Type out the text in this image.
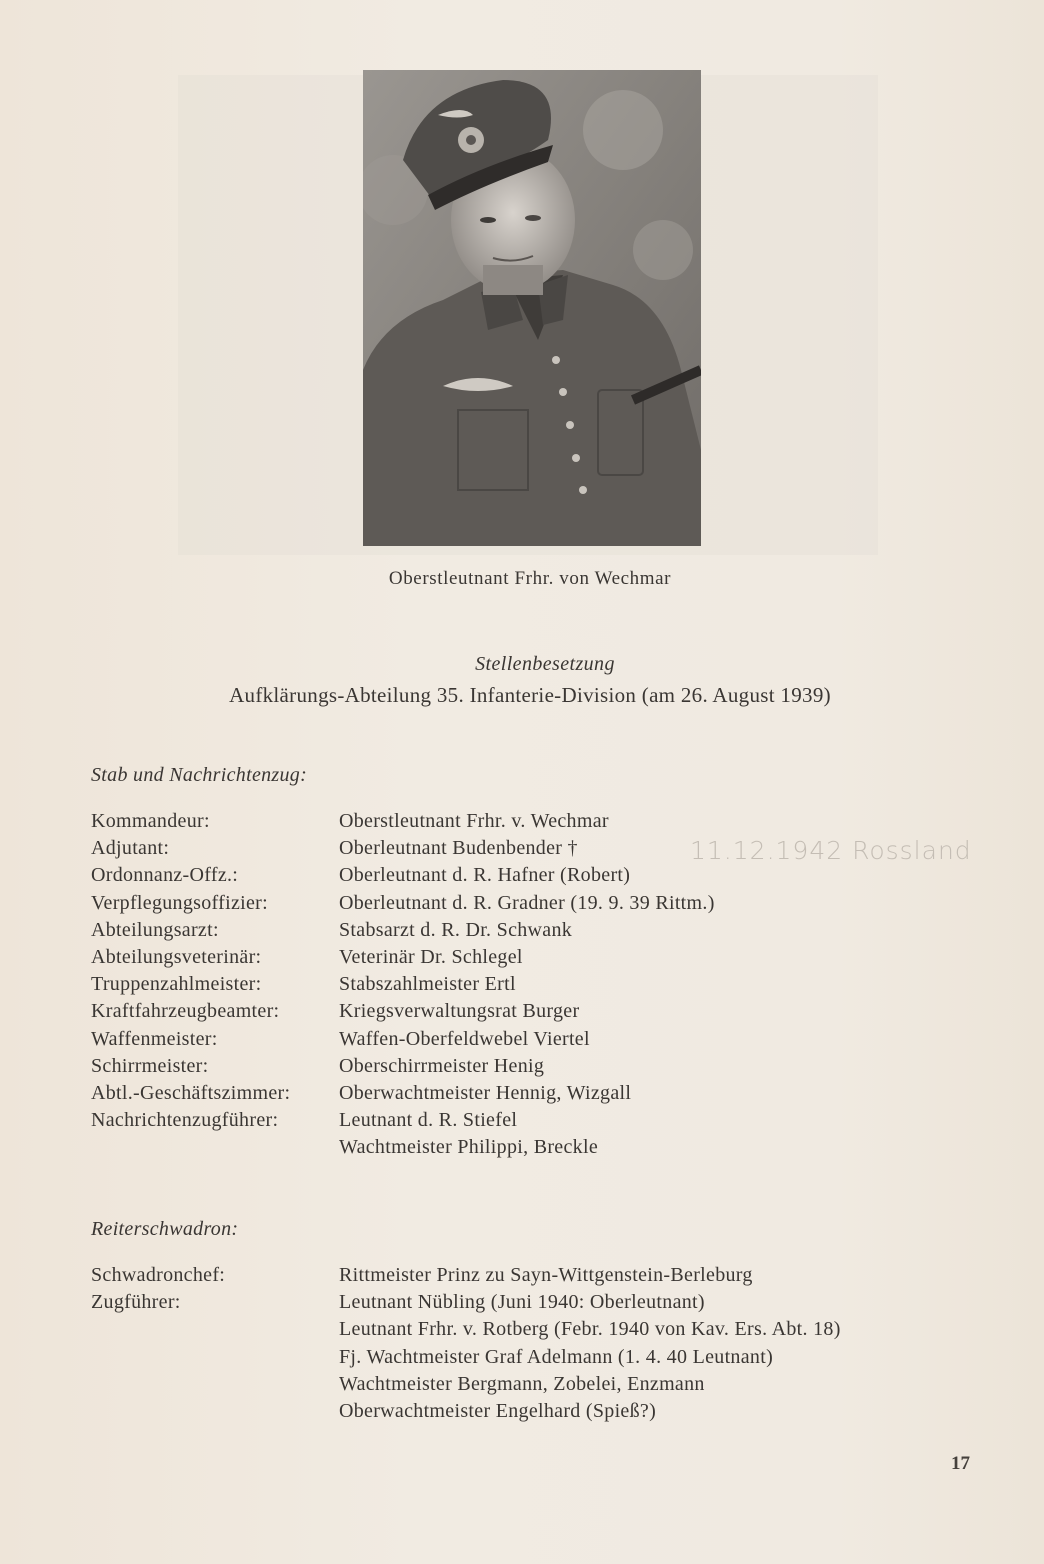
Oberstleutnant Frhr. von Wechmar
Stellenbesetzung
Aufklärungs-Abteilung 35. Infanterie-Division (am 26. August 1939)
Stab und Nachrichtenzug:
Kommandeur:	Oberstleutnant Frhr. v. Wechmar
Adjutant:	Oberleutnant Budenbender †
Ordonnanz-Offz.:	Oberleutnant d. R. Hafner (Robert)
Verpflegungsoffizier:	Oberleutnant d. R. Gradner (19. 9. 39 Rittm.)
Abteilungsarzt:	Stabsarzt d. R. Dr. Schwank
Abteilungsveterinär:	Veterinär Dr. Schlegel
Truppenzahlmeister:	Stabszahlmeister Ertl
Kraftfahrzeugbeamter:	Kriegsverwaltungsrat Burger
Waffenmeister:	Waffen-Oberfeldwebel Viertel
Schirrmeister:	Oberschirrmeister Henig
Abtl.-Geschäftszimmer:	Oberwachtmeister Hennig, Wizgall
Nachrichtenzugführer:	Leutnant d. R. Stiefel
Wachtmeister Philippi, Breckle
11.12.1942 Rossland
Reiterschwadron:
Schwadronchef:	Rittmeister Prinz zu Sayn-Wittgenstein-Berleburg
Zugführer:	Leutnant Nübling (Juni 1940: Oberleutnant)
Leutnant Frhr. v. Rotberg (Febr. 1940 von Kav. Ers. Abt. 18)
Fj. Wachtmeister Graf Adelmann (1. 4. 40 Leutnant)
Wachtmeister Bergmann, Zobelei, Enzmann
Oberwachtmeister Engelhard (Spieß?)
17
